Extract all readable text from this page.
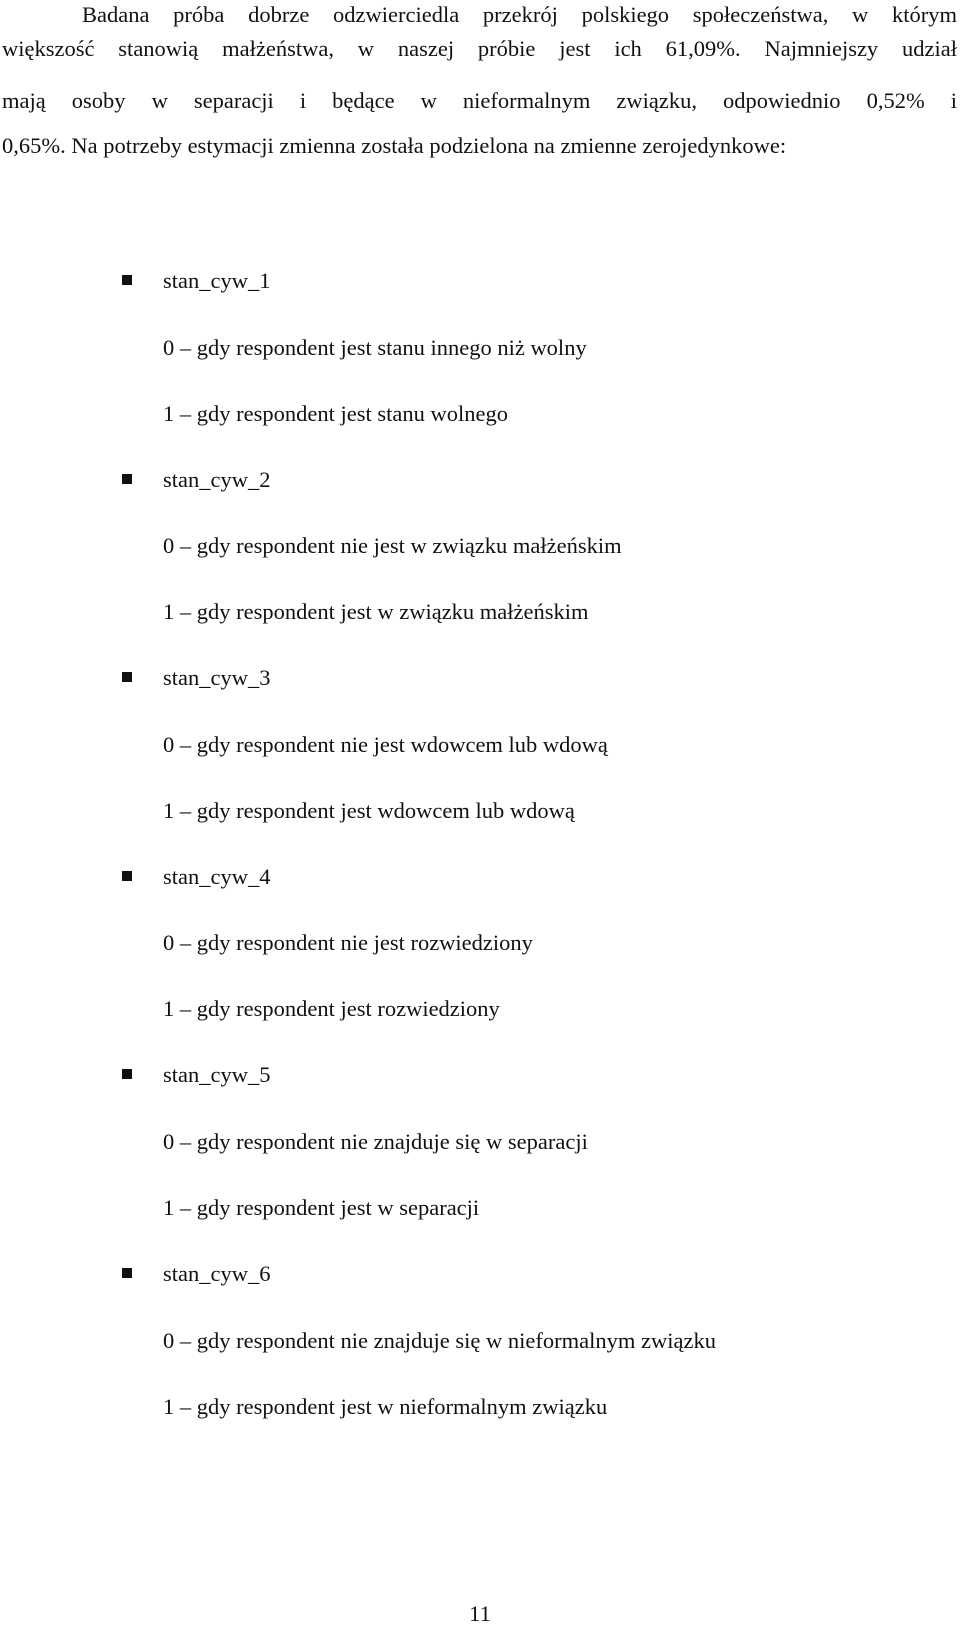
Badana próba dobrze odzwierciedla przekrój polskiego społeczeństwa, w którym
większość stanowią małżeństwa, w naszej próbie jest ich 61,09%. Najmniejszy udział
mają osoby w separacji i będące w nieformalnym związku, odpowiednio 0,52% i
0,65%. Na potrzeby estymacji zmienna została podzielona na zmienne zerojedynkowe:
stan_cyw_1
0 – gdy respondent jest stanu innego niż wolny
1 – gdy respondent jest stanu wolnego
stan_cyw_2
0 – gdy respondent nie jest w związku małżeńskim
1 – gdy respondent jest w związku małżeńskim
stan_cyw_3
0 – gdy respondent nie jest wdowcem lub wdową
1 – gdy respondent jest wdowcem lub wdową
stan_cyw_4
0 – gdy respondent nie jest rozwiedziony
1 – gdy respondent jest rozwiedziony
stan_cyw_5
0 – gdy respondent nie znajduje się w separacji
1 – gdy respondent jest w separacji
stan_cyw_6
0 – gdy respondent nie znajduje się w nieformalnym związku
1 – gdy respondent jest w nieformalnym związku
11
